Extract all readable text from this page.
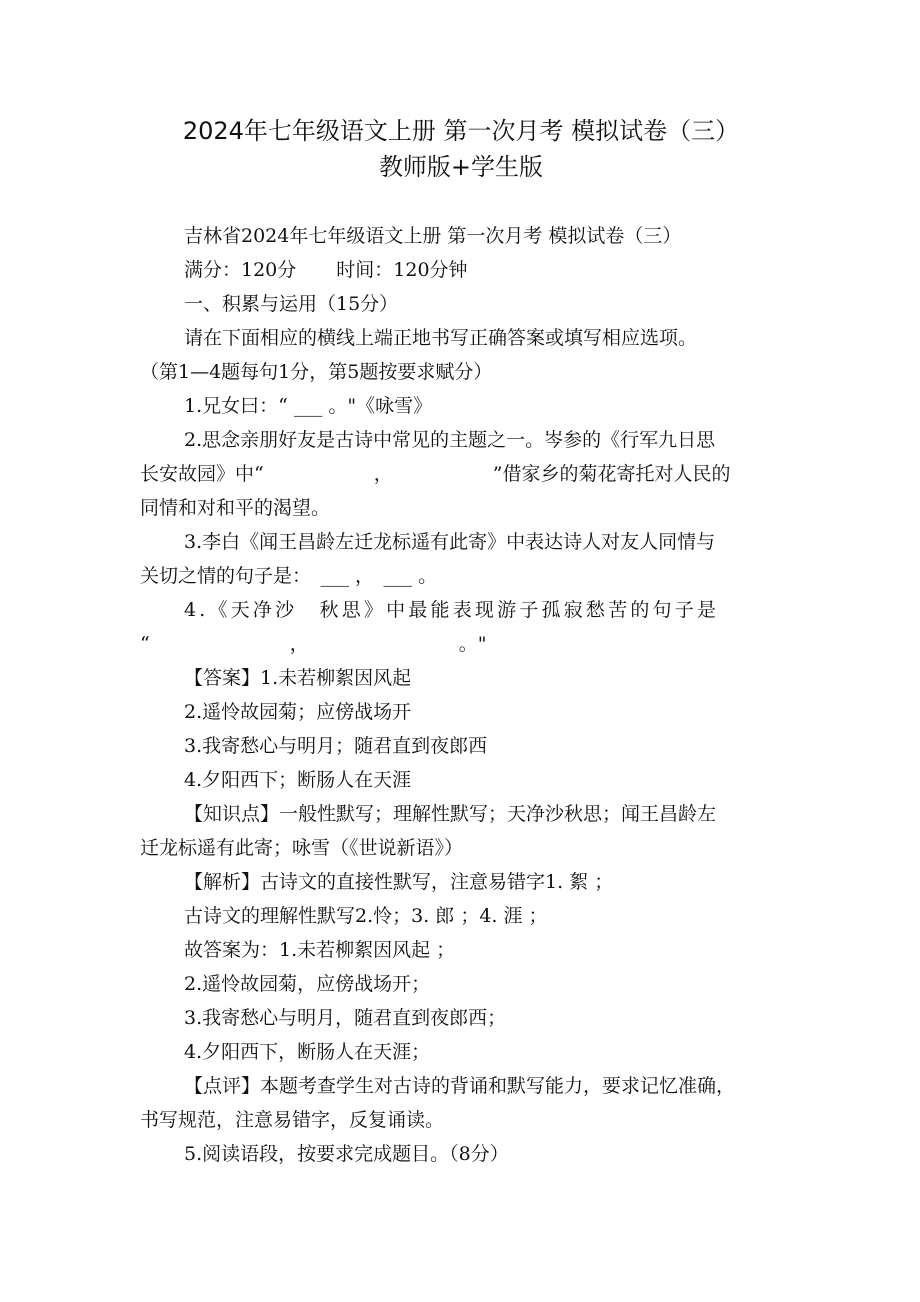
2024年七年级语文上册 第一次月考 模拟试卷（三）
教师版+学生版
吉林省2024年七年级语文上册 第一次月考 模拟试卷（三）
满分：120分 时间：120分钟
一、积累与运用（15分）
请在下面相应的横线上端正地书写正确答案或填写相应选项。
（第1—4题每句1分，第5题按要求赋分）
1.兄女曰：“ ___ 。"《咏雪》
2.思念亲朋好友是古诗中常见的主题之一。岑参的《行军九日思
长安故园》中“	，	”借家乡的菊花寄托对人民的
同情和对和平的渴望。
3.李白《闻王昌龄左迁龙标遥有此寄》中表达诗人对友人同情与
关切之情的句子是：　___ ，　___ 。
4.《天净沙　秋思》中最能表现游子孤寂愁苦的句子是
“	，	。"
【答案】1.未若柳絮因风起
2.遥怜故园菊；应傍战场开
3.我寄愁心与明月；随君直到夜郎西
4.夕阳西下；断肠人在天涯
【知识点】一般性默写；理解性默写；天净沙秋思；闻王昌龄左
迁龙标遥有此寄；咏雪（《世说新语》）
【解析】古诗文的直接性默写，注意易错字1. 絮 ；
古诗文的理解性默写2.怜；3. 郎 ；4. 涯 ；
故答案为：1.未若柳絮因风起 ；
2.遥怜故园菊，应傍战场开；
3.我寄愁心与明月，随君直到夜郎西；
4.夕阳西下，断肠人在天涯；
【点评】本题考查学生对古诗的背诵和默写能力，要求记忆准确，
书写规范，注意易错字，反复诵读。
5.阅读语段，按要求完成题目。（8分）
